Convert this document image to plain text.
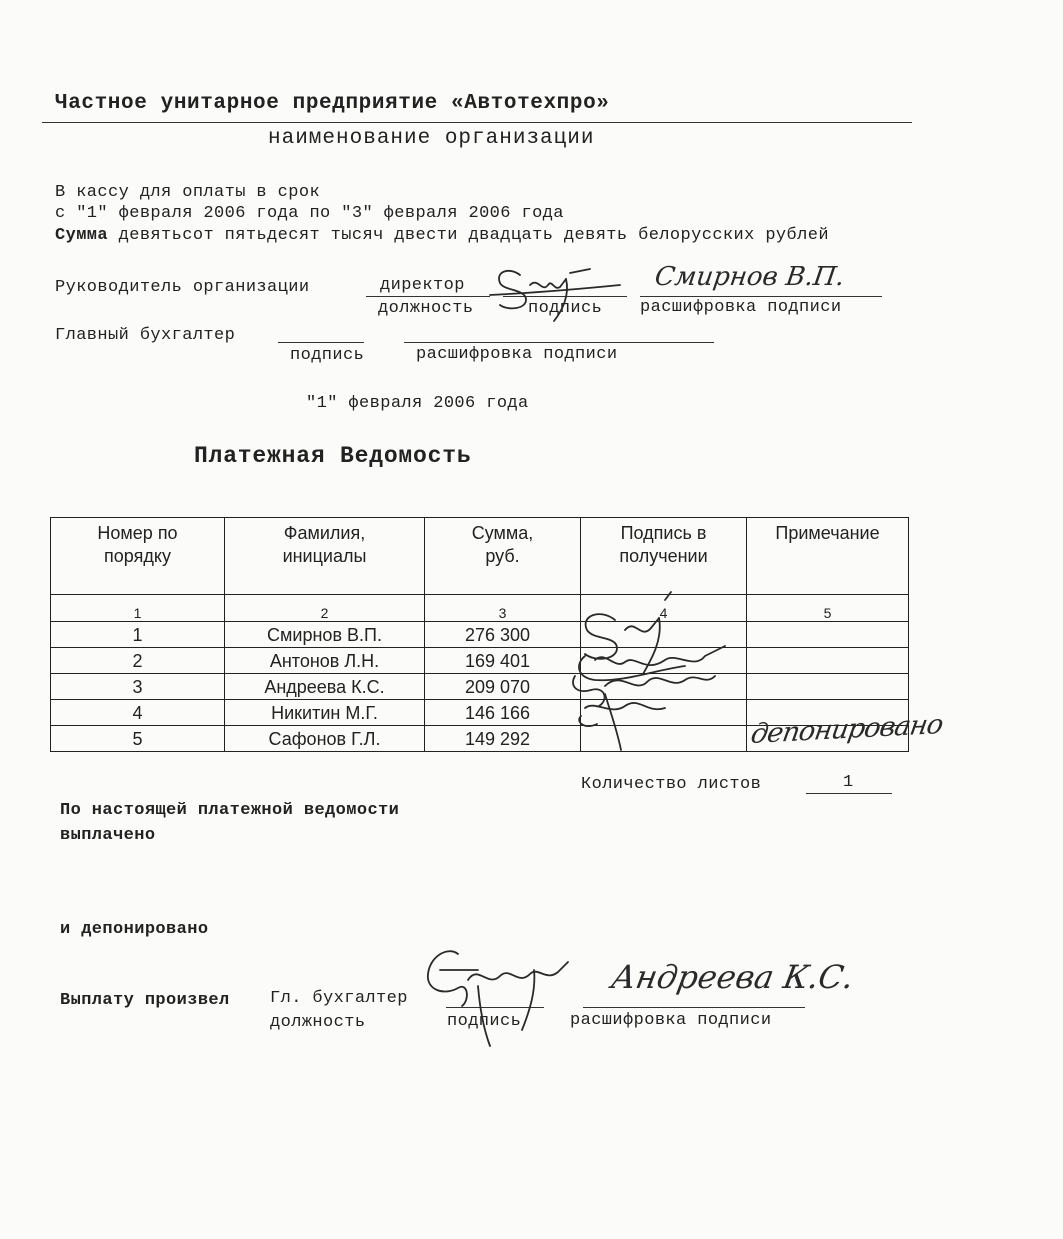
Частное унитарное предприятие «Автотехпро»
наименование организации
В кассу для оплаты в срок
с "1" февраля 2006 года по "3" февраля 2006 года
Сумма девятьсот пятьдесят тысяч двести двадцать девять белорусских рублей
Руководитель организации	директор
должность	подпись расшифровка подписи
Смирнов В.П.
Главный бухгалтер
подпись	расшифровка подписи
"1" февраля 2006 года
Платежная Ведомость
Номер по порядку	Фамилия, инициалы	Сумма, руб.	Подпись в получении	Примечание

1	2	3	4	5
1	Смирнов В.П.	276 300		
2	Антонов Л.Н.	169 401		
3	Андреева К.С.	209 070		
4	Никитин М.Г.	146 166		
5	Сафонов Г.Л.	149 292			депонировано
Количество листов	1
По настоящей платежной ведомости
выплачено
и депонировано
Выплату произвел Гл. бухгалтер
должность	подпись	расшифровка подписи
Андреева К.С.
